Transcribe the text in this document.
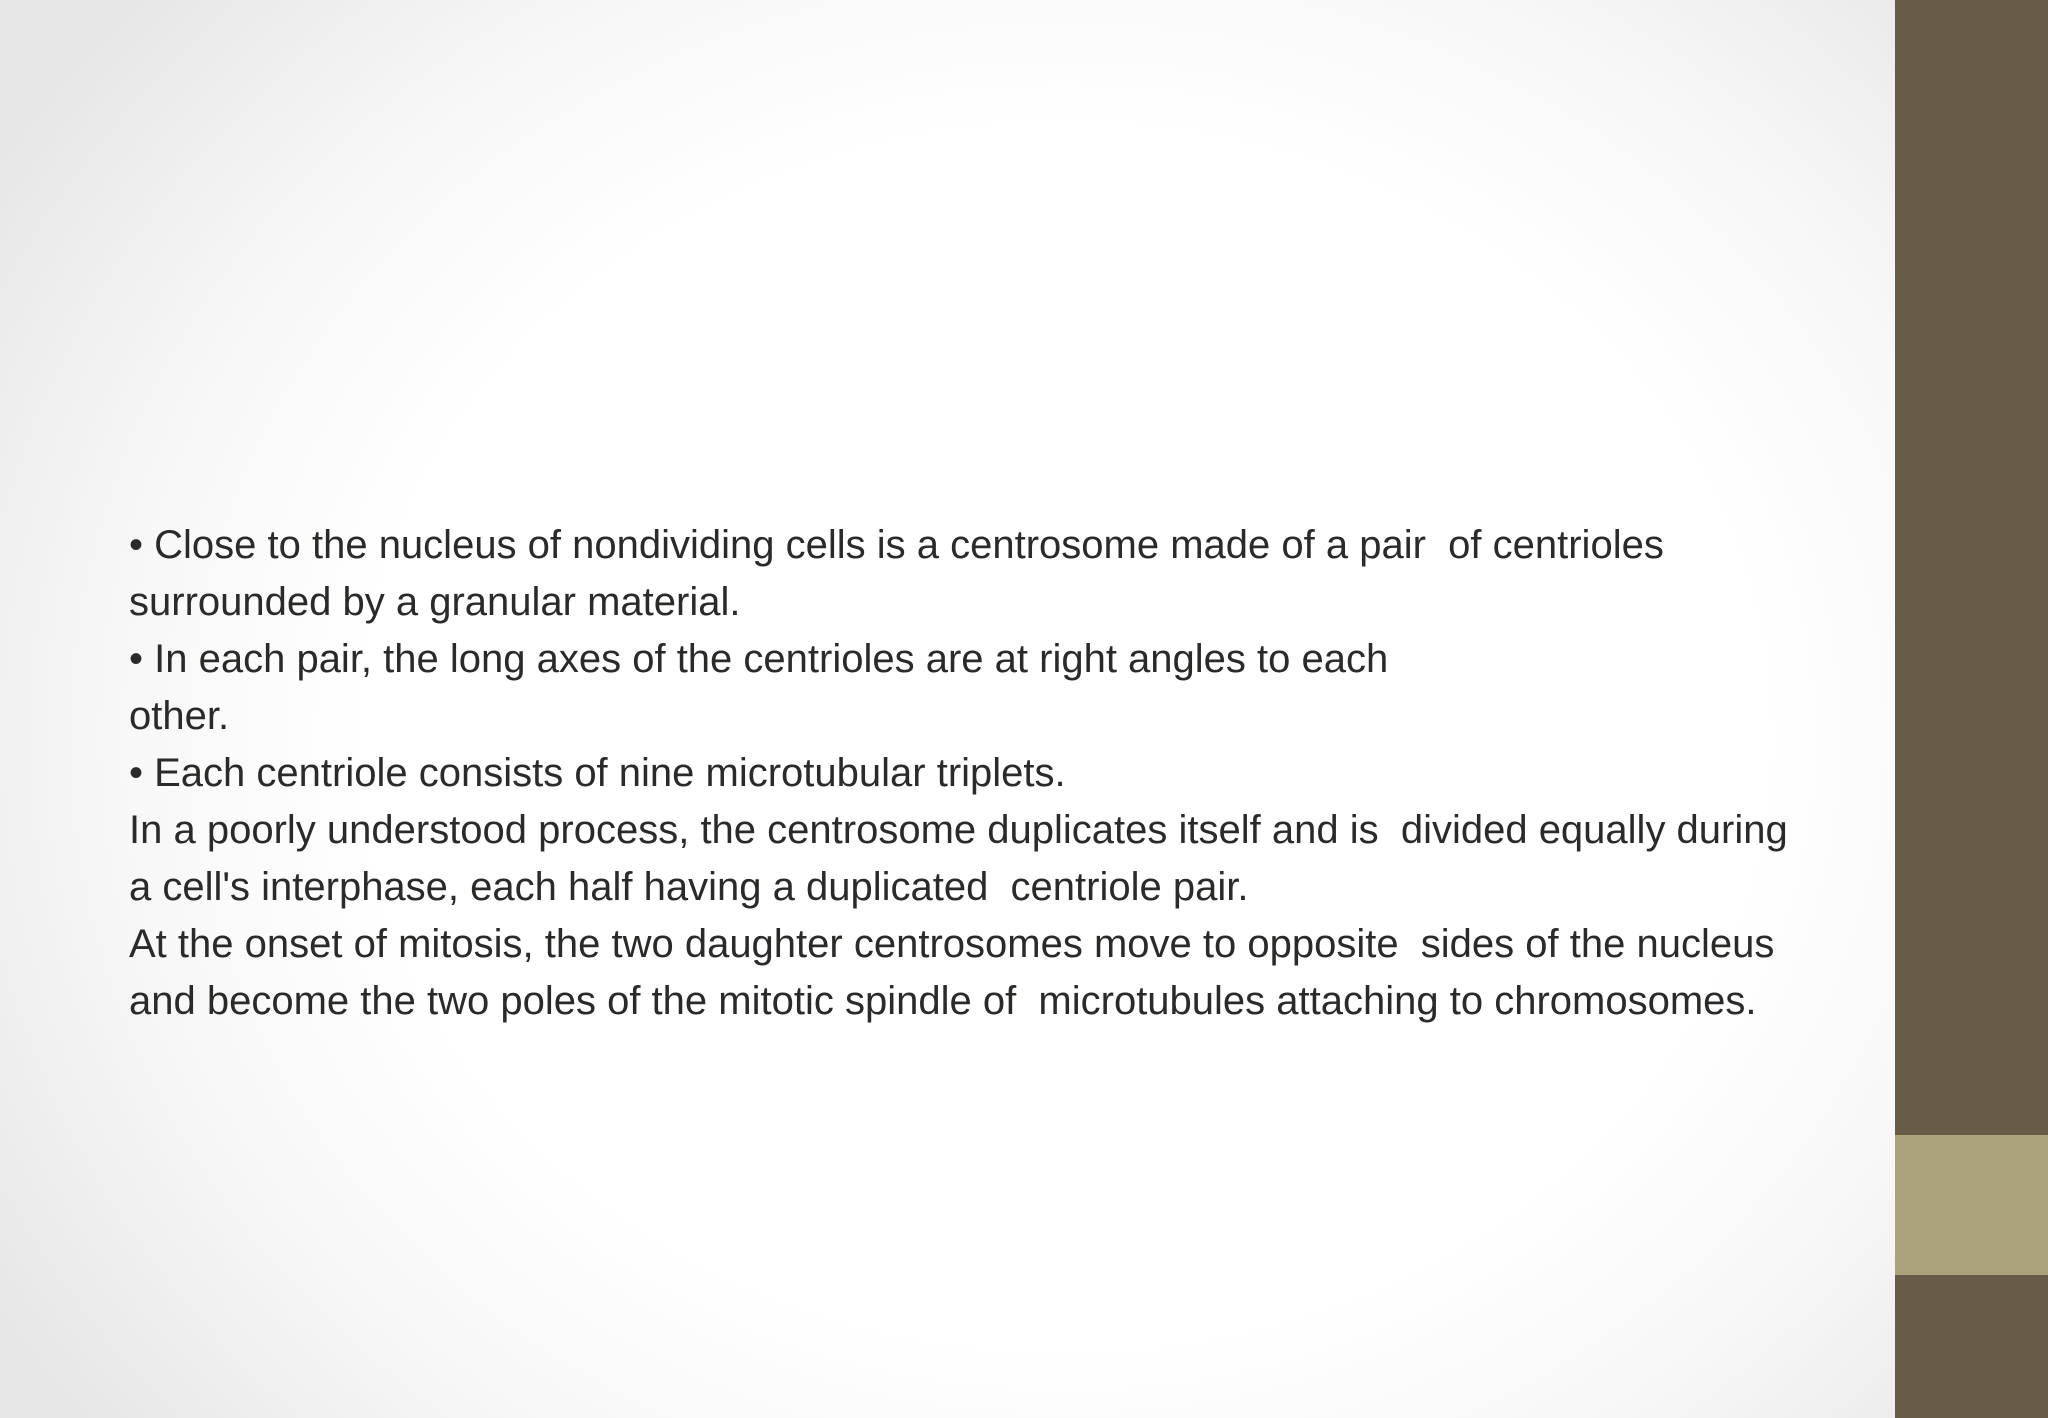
• Close to the nucleus of nondividing cells is a centrosome made of a pair  of centrioles
surrounded by a granular material.
• In each pair, the long axes of the centrioles are at right angles to each
other.
• Each centriole consists of nine microtubular triplets.
In a poorly understood process, the centrosome duplicates itself and is  divided equally during
a cell's interphase, each half having a duplicated  centriole pair.
At the onset of mitosis, the two daughter centrosomes move to opposite  sides of the nucleus
and become the two poles of the mitotic spindle of  microtubules attaching to chromosomes.
